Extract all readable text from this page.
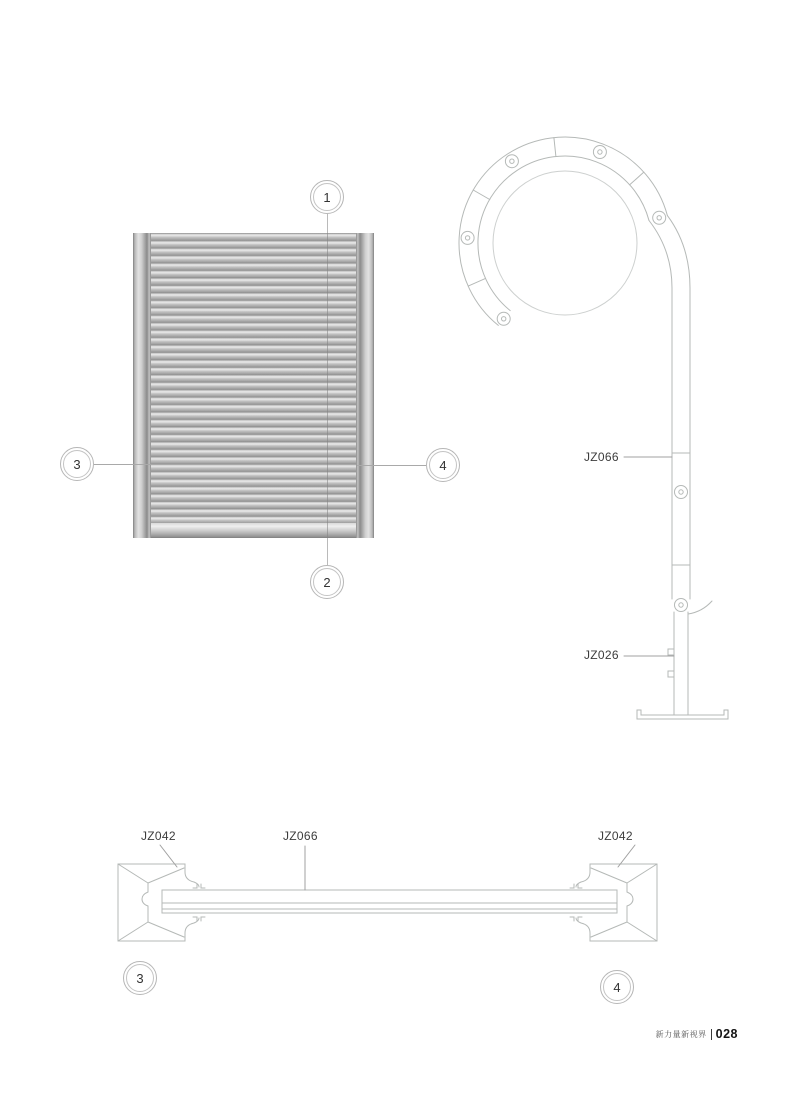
1
2
3	4
JZ066
JZ026
JZ042	JZ066	JZ042
3
4
新力量新视界 028
